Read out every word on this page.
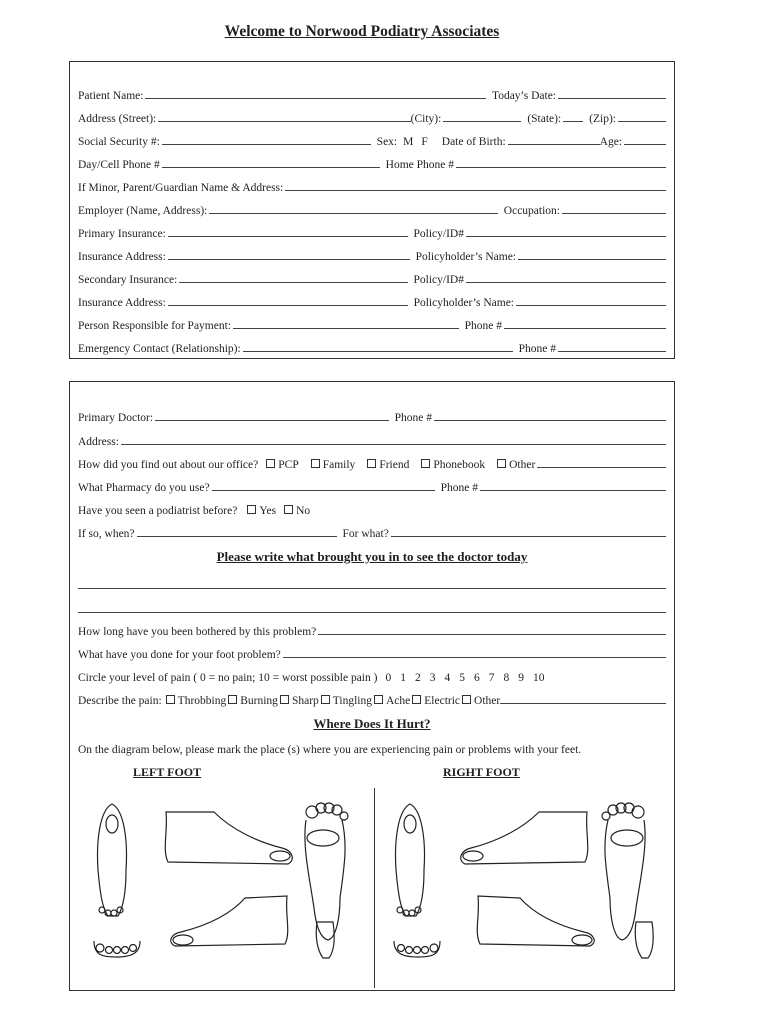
Welcome to Norwood Podiatry Associates
Patient Name:	Today’s Date:
Address (Street):	(City):	(State): (Zip):
Social Security #:	Sex: M F	Date of Birth:	Age:
Day/Cell Phone #	Home Phone #
If Minor, Parent/Guardian Name & Address:
Employer (Name, Address):	Occupation:
Primary Insurance:	Policy/ID#
Insurance Address:	Policyholder’s Name:
Secondary Insurance:	Policy/ID#
Insurance Address:	Policyholder’s Name:
Person Responsible for Payment:	Phone #
Emergency Contact (Relationship):	Phone #
Primary Doctor:	Phone #
Address:
How did you find out about our office?	PCP	Family	Friend	Phonebook	Other
What Pharmacy do you use?	Phone #
Have you seen a podiatrist before?	Yes	No
If so, when?	For what?
Please write what brought you in to see the doctor today
How long have you been bothered by this problem?
What have you done for your foot problem?
Circle your level of pain ( 0 = no pain; 10 = worst possible pain ) 0 1 2 3 4 5 6 7 8 9 10
Describe the pain:	Throbbing	Burning	Sharp	Tingling	Ache	Electric	Other
Where Does It Hurt?
On the diagram below, please mark the place (s) where you are experiencing pain or problems with your feet.
LEFT FOOT	RIGHT FOOT
